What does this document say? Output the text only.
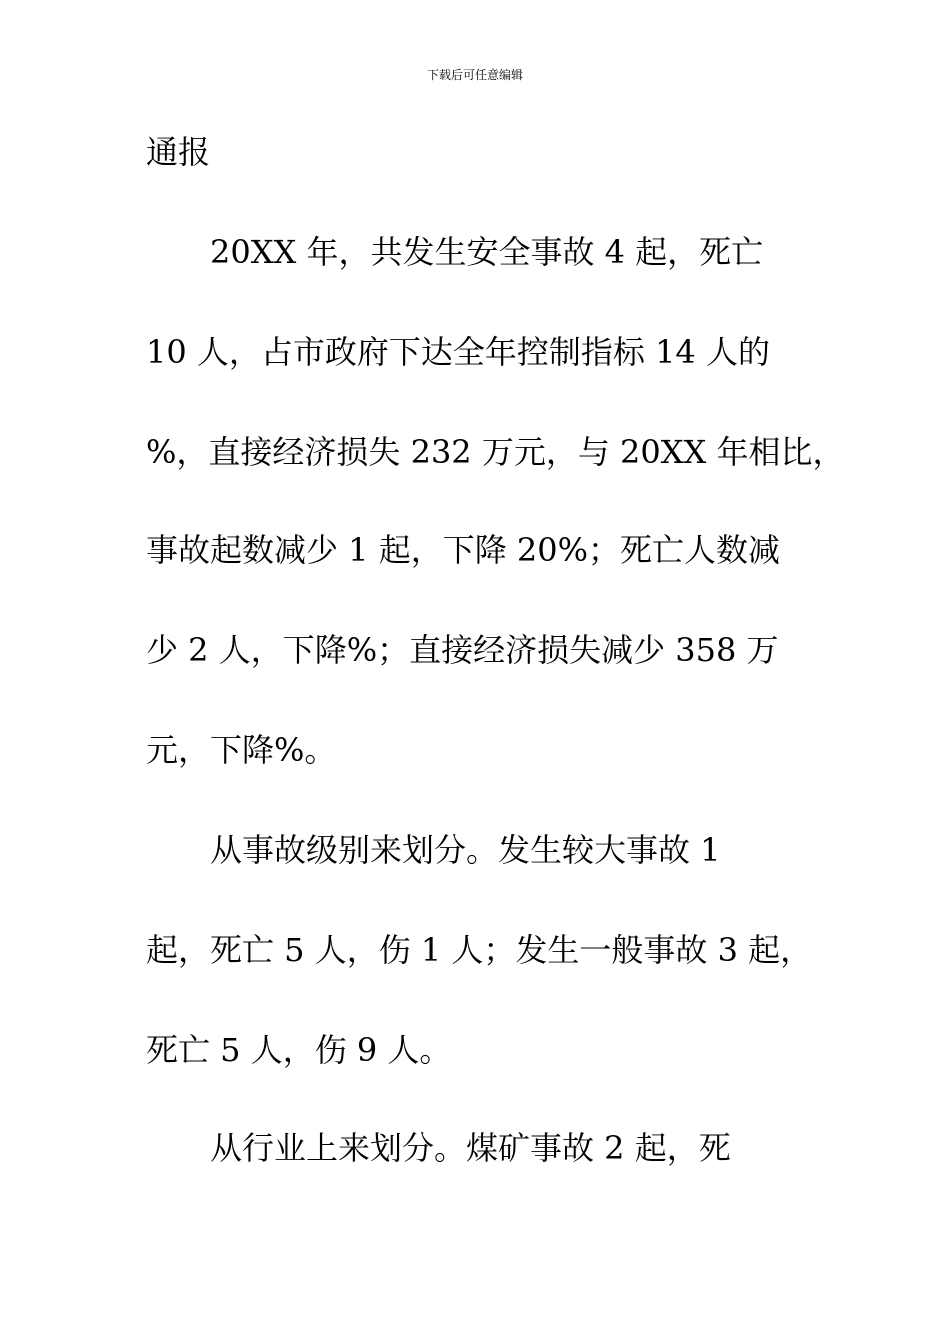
下载后可任意编辑
通报
　　20XX 年，共发生安全事故 4 起，死亡
10 人，占市政府下达全年控制指标 14 人的
%，直接经济损失 232 万元，与 20XX 年相比，
事故起数减少 1 起，下降 20%；死亡人数减
少 2 人，下降%；直接经济损失减少 358 万
元，下降%。
　　从事故级别来划分。发生较大事故 1
起，死亡 5 人，伤 1 人；发生一般事故 3 起，
死亡 5 人，伤 9 人。
　　从行业上来划分。煤矿事故 2 起，死
